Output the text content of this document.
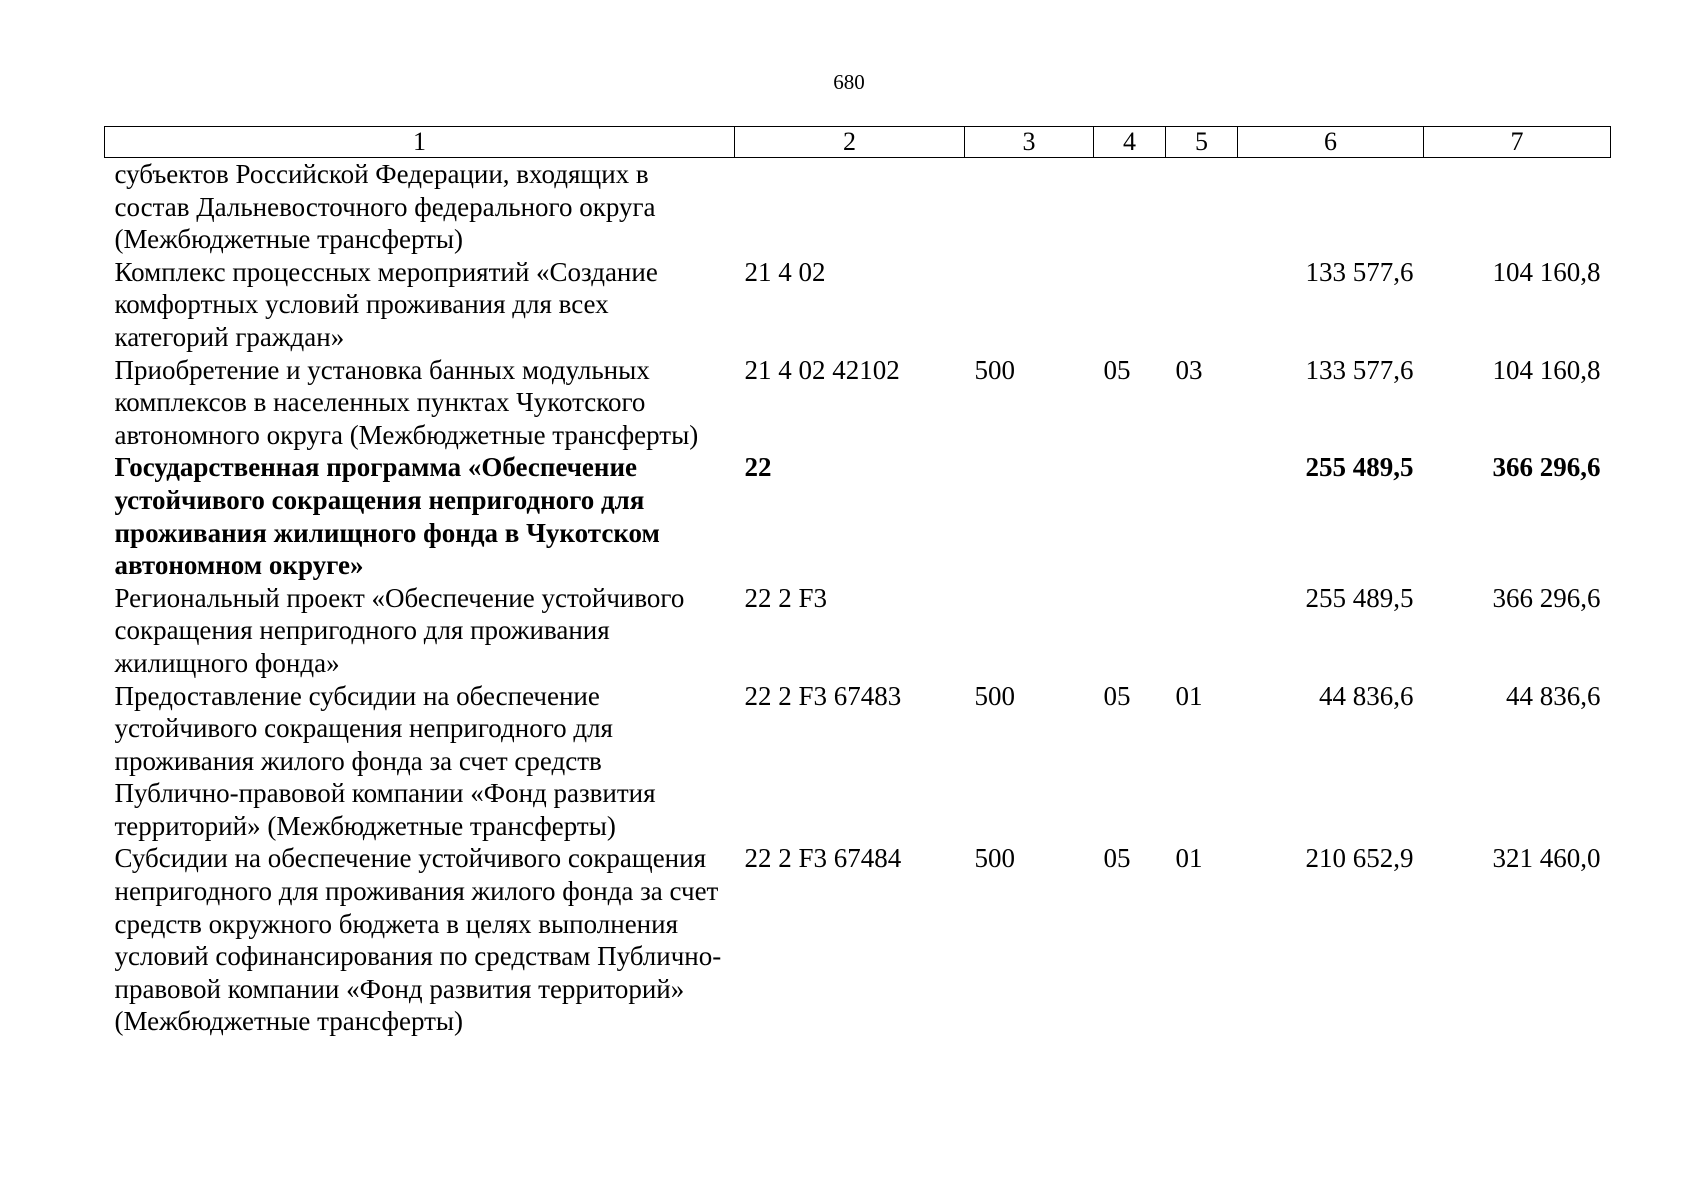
680
1	2	3	4	5	6	7
субъектов Российской Федерации, входящих в состав Дальневосточного федерального округа (Межбюджетные трансферты)						
Комплекс процессных мероприятий «Создание комфортных условий проживания для всех категорий граждан»	21 4 02				133 577,6	104 160,8
Приобретение и установка банных модульных комплексов в населенных пунктах Чукотского автономного округа (Межбюджетные трансферты)	21 4 02 42102	500	05	03	133 577,6	104 160,8
Государственная программа «Обеспечение устойчивого сокращения непригодного для проживания жилищного фонда в Чукотском автономном округе»	22				255 489,5	366 296,6
Региональный проект «Обеспечение устойчивого сокращения непригодного для проживания жилищного фонда»	22 2 F3				255 489,5	366 296,6
Предоставление субсидии на обеспечение устойчивого сокращения непригодного для проживания жилого фонда за счет средств Публично-правовой компании «Фонд развития территорий» (Межбюджетные трансферты)	22 2 F3 67483	500	05	01	44 836,6	44 836,6
Субсидии на обеспечение устойчивого сокращения непригодного для проживания жилого фонда за счет средств окружного бюджета в целях выполнения условий софинансирования по средствам Публично-правовой компании «Фонд развития территорий» (Межбюджетные трансферты)	22 2 F3 67484	500	05	01	210 652,9	321 460,0
